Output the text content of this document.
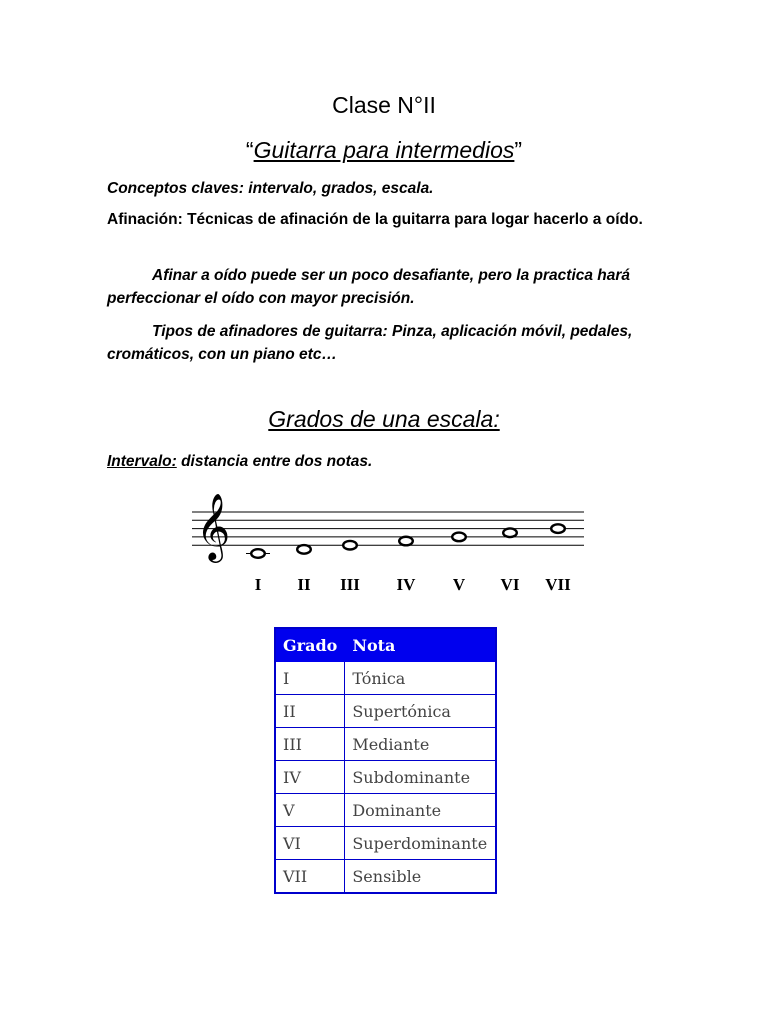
Clase N°II
“Guitarra para intermedios”
Conceptos claves: intervalo, grados, escala.
Afinación: Técnicas de afinación de la guitarra para logar hacerlo a oído.
Afinar a oído puede ser un poco desafiante, pero la practica hará perfeccionar el oído con mayor precisión.
Tipos de afinadores de guitarra: Pinza, aplicación móvil, pedales, cromáticos, con un piano etc…
Grados de una escala:
Intervalo: distancia entre dos notas.
𝄞
I II III IV V VI VII
Grado	Nota
I	Tónica
II	Supertónica
III	Mediante
IV	Subdominante
V	Dominante
VI	Superdominante
VII	Sensible
